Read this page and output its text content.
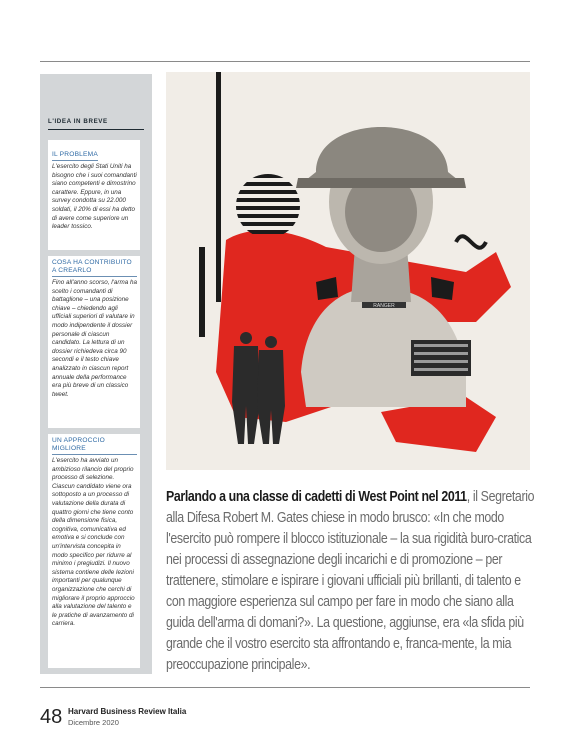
L'IDEA IN BREVE
IL PROBLEMA
L'esercito degli Stati Uniti ha bisogno che i suoi comandanti siano competenti e dimostrino carattere. Eppure, in una survey condotta su 22.000 soldati, il 20% di essi ha detto di avere come superiore un leader tossico.
COSA HA CONTRIBUITO A CREARLO
Fino all'anno scorso, l'arma ha scelto i comandanti di battaglione – una posizione chiave – chiedendo agli ufficiali superiori di valutare in modo indipendente il dossier personale di ciascun candidato. La lettura di un dossier richiedeva circa 90 secondi e il testo chiave analizzato in ciascun report annuale della performance era più breve di un classico tweet.
UN APPROCCIO MIGLIORE
L'esercito ha avviato un ambizioso rilancio del proprio processo di selezione. Ciascun candidato viene ora sottoposto a un processo di valutazione della durata di quattro giorni che tiene conto della dimensione fisica, cognitiva, comunicativa ed emotiva e si conclude con un'intervista concepita in modo specifico per ridurre al minimo i pregiudizi. Il nuovo sistema contiene delle lezioni importanti per qualunque organizzazione che cerchi di migliorare il proprio approccio alla valutazione del talento e le pratiche di avanzamento di carriera.
RANGER
Parlando a una classe di cadetti di West Point nel 2011, il Segretario alla Difesa Robert M. Gates chiese in modo brusco: «In che modo l'esercito può rompere il blocco istituzionale – la sua rigidità buro-cratica nei processi di assegnazione degli incarichi e di promozione – per trattenere, stimolare e ispirare i giovani ufficiali più brillanti, di talento e con maggiore esperienza sul campo per fare in modo che siano alla guida dell'arma di domani?». La questione, aggiunse, era «la sfida più grande che il vostro esercito sta affrontando e, franca-mente, la mia preoccupazione principale».
48 Harvard Business Review Italia
Dicembre 2020
